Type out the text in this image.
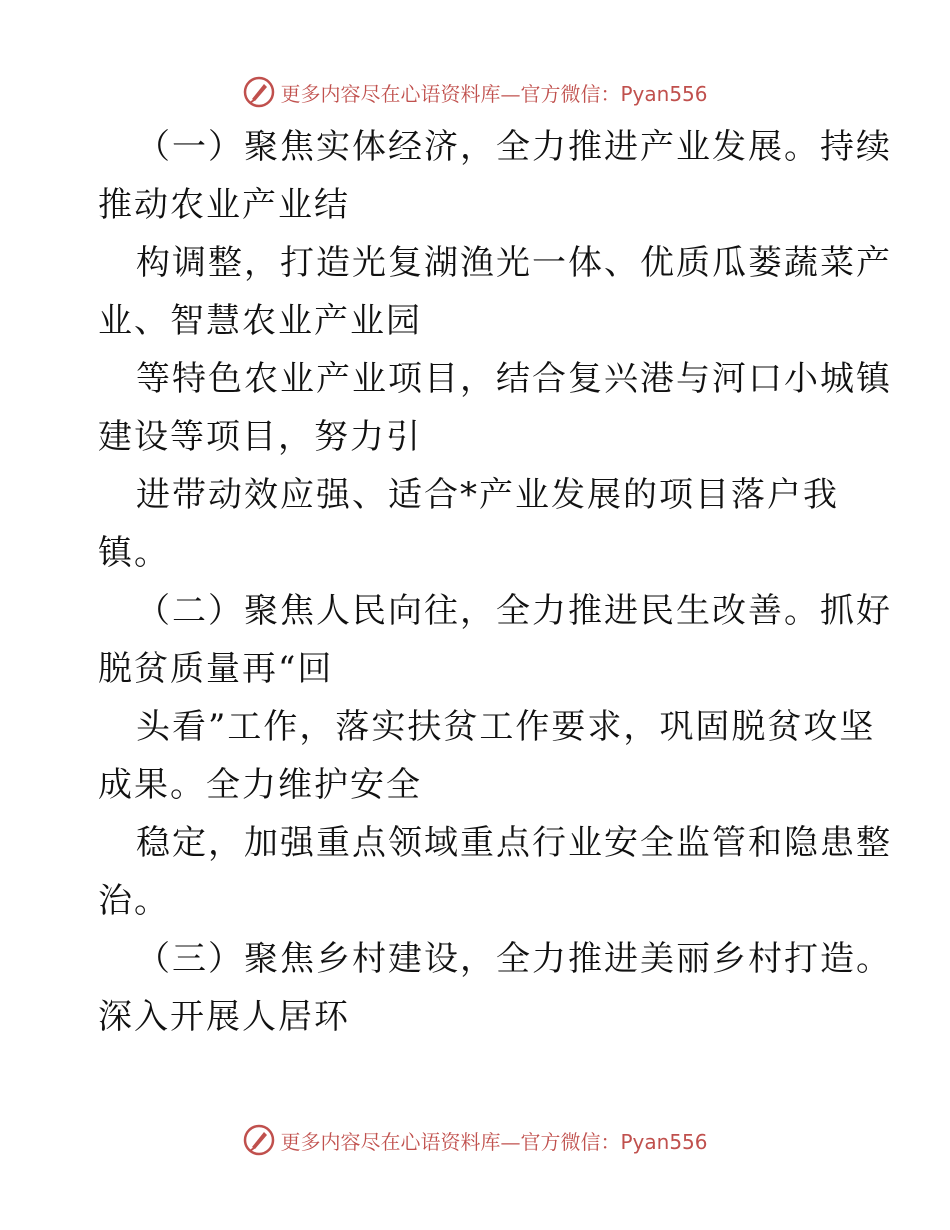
更多内容尽在心语资料库—官方微信：Pyan556
（一）聚焦实体经济，全力推进产业发展。持续
推动农业产业结
构调整，打造光复湖渔光一体、优质瓜蒌蔬菜产
业、智慧农业产业园
等特色农业产业项目，结合复兴港与河口小城镇
建设等项目，努力引
进带动效应强、适合*产业发展的项目落户我
镇。
（二）聚焦人民向往，全力推进民生改善。抓好
脱贫质量再“回
头看”工作，落实扶贫工作要求，巩固脱贫攻坚
成果。全力维护安全
稳定，加强重点领域重点行业安全监管和隐患整
治。
（三）聚焦乡村建设，全力推进美丽乡村打造。
深入开展人居环
更多内容尽在心语资料库—官方微信：Pyan556
